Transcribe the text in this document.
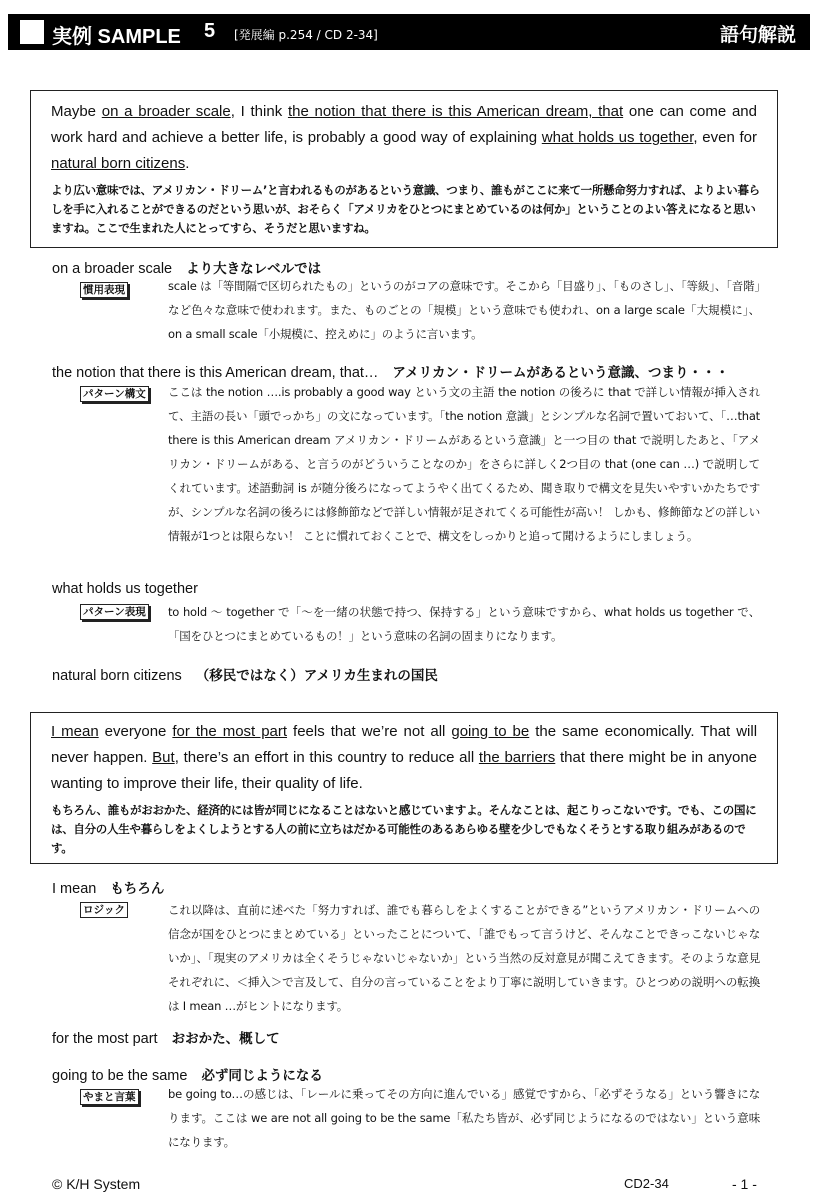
実例 SAMPLE 5 [発展編 p.254 / CD 2-34]	語句解説
Maybe on a broader scale, I think the notion that there is this American dream, that one can come and work hard and achieve a better life, is probably a good way of explaining what holds us together, even for natural born citizens.
より広い意味では、アメリカン・ドリーム’と言われるものがあるという意識、つまり、誰もがここに来て一所懸命努力すれば、よりよい暮らしを手に入れることができるのだという思いが、おそらく「アメリカをひとつにまとめているのは何か」ということのよい答えになると思いますね。ここで生まれた人にとってすら、そうだと思いますね。
on a broader scale より大きなレベルでは
慣用表現	scale は「等間隔で区切られたもの」というのがコアの意味です。そこから「目盛り」、「ものさし」、「等級」、「音階」など色々な意味で使われます。また、ものごとの「規模」という意味でも使われ、on a large scale「大規模に」、on a small scale「小規模に、控えめに」のように言います。
the notion that there is this American dream, that… アメリカン・ドリームがあるという意識、つまり・・・
パターン構文 ここは the notion ….is probably a good way という文の主語 the notion の後ろに that で詳しい情報が挿入されて、主語の長い「頭でっかち」の文になっています。「the notion 意識」とシンプルな名詞で置いておいて、「…that there is this American dream アメリカン・ドリームがあるという意識」と一つ目の that で説明したあと、「アメリカン・ドリームがある、と言うのがどういうことなのか」をさらに詳しく2つ目の that (one can …) で説明してくれています。述語動詞 is が随分後ろになってようやく出てくるため、聞き取りで構文を見失いやすいかたちですが、シンプルな名詞の後ろには修飾節などで詳しい情報が足されてくる可能性が高い！ しかも、修飾節などの詳しい情報が1つとは限らない！ ことに慣れておくことで、構文をしっかりと追って聞けるようにしましょう。
what holds us together
パターン表現 to hold ～ together で「～を一緒の状態で持つ、保持する」という意味ですから、what holds us together で、「国をひとつにまとめているもの！」という意味の名詞の固まりになります。
natural born citizens （移民ではなく）アメリカ生まれの国民
I mean everyone for the most part feels that we’re not all going to be the same economically. That will never happen. But, there’s an effort in this country to reduce all the barriers that there might be in anyone wanting to improve their life, their quality of life.
もちろん、誰もがおおかた、経済的には皆が同じになることはないと感じていますよ。そんなことは、起こりっこないです。でも、この国には、自分の人生や暮らしをよくしようとする人の前に立ちはだかる可能性のあるあらゆる壁を少しでもなくそうとする取り組みがあるのです。
I mean もちろん
ロジック	これ以降は、直前に述べた「努力すれば、誰でも暮らしをよくすることができる”というアメリカン・ドリームへの信念が国をひとつにまとめている」といったことについて、「誰でもって言うけど、そんなことできっこないじゃないか」、「現実のアメリカは全くそうじゃないじゃないか」という当然の反対意見が聞こえてきます。そのような意見それぞれに、＜挿入＞で言及して、自分の言っていることをより丁寧に説明していきます。ひとつめの説明への転換は I mean …がヒントになります。
for the most part おおかた、概して
going to be the same 必ず同じようになる
やまと言葉	be going to…の感じは、「レールに乗ってその方向に進んでいる」感覚ですから、「必ずそうなる」という響きになります。ここは we are not all going to be the same「私たち皆が、必ず同じようになるのではない」という意味になります。
© K/H System	CD2-34	- 1 -
